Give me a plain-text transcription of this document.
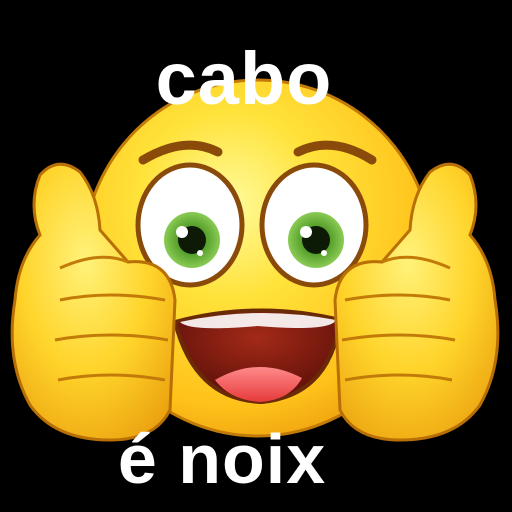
cabo
é noix
